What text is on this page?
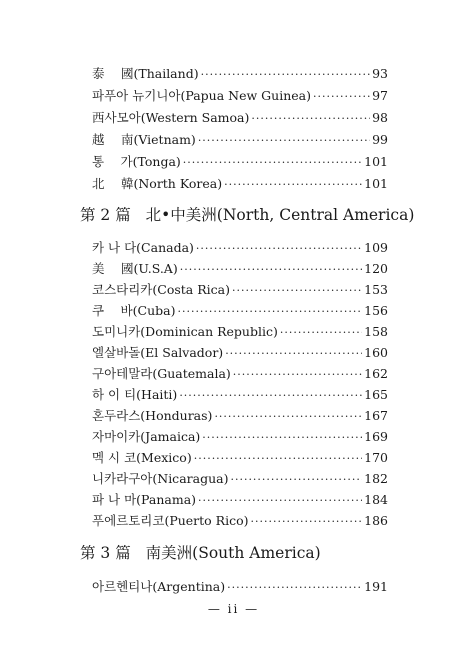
泰　 國(Thailand) ·····	93
파푸아 뉴기니아(Papua New Guinea) ·····	97
西사모아(Western Samoa) ·····	98
越　 南(Vietnam) ·····	99
통　 가(Tonga) ·····	101
北　 韓(North Korea) ·····	101
第 2 篇 北•中美洲(North, Central America)
카 나 다(Canada) ·····	109
美　 國(U.S.A) ·····	120
코스타리카(Costa Rica) ·····	153
쿠　 바(Cuba) ·····	156
도미니카(Dominican Republic) ·····	158
엘살바돌(El Salvador) ·····	160
구아테말라(Guatemala) ·····	162
하 이 티(Haiti) ·····	165
혼두라스(Honduras) ·····	167
자마이카(Jamaica) ·····	169
멕 시 코(Mexico) ·····	170
니카라구아(Nicaragua) ·····	182
파 나 마(Panama) ·····	184
푸에르토리코(Puerto Rico) ·····	186
第 3 篇 南美洲(South America)
아르헨티나(Argentina) ·····	191
— ii —
